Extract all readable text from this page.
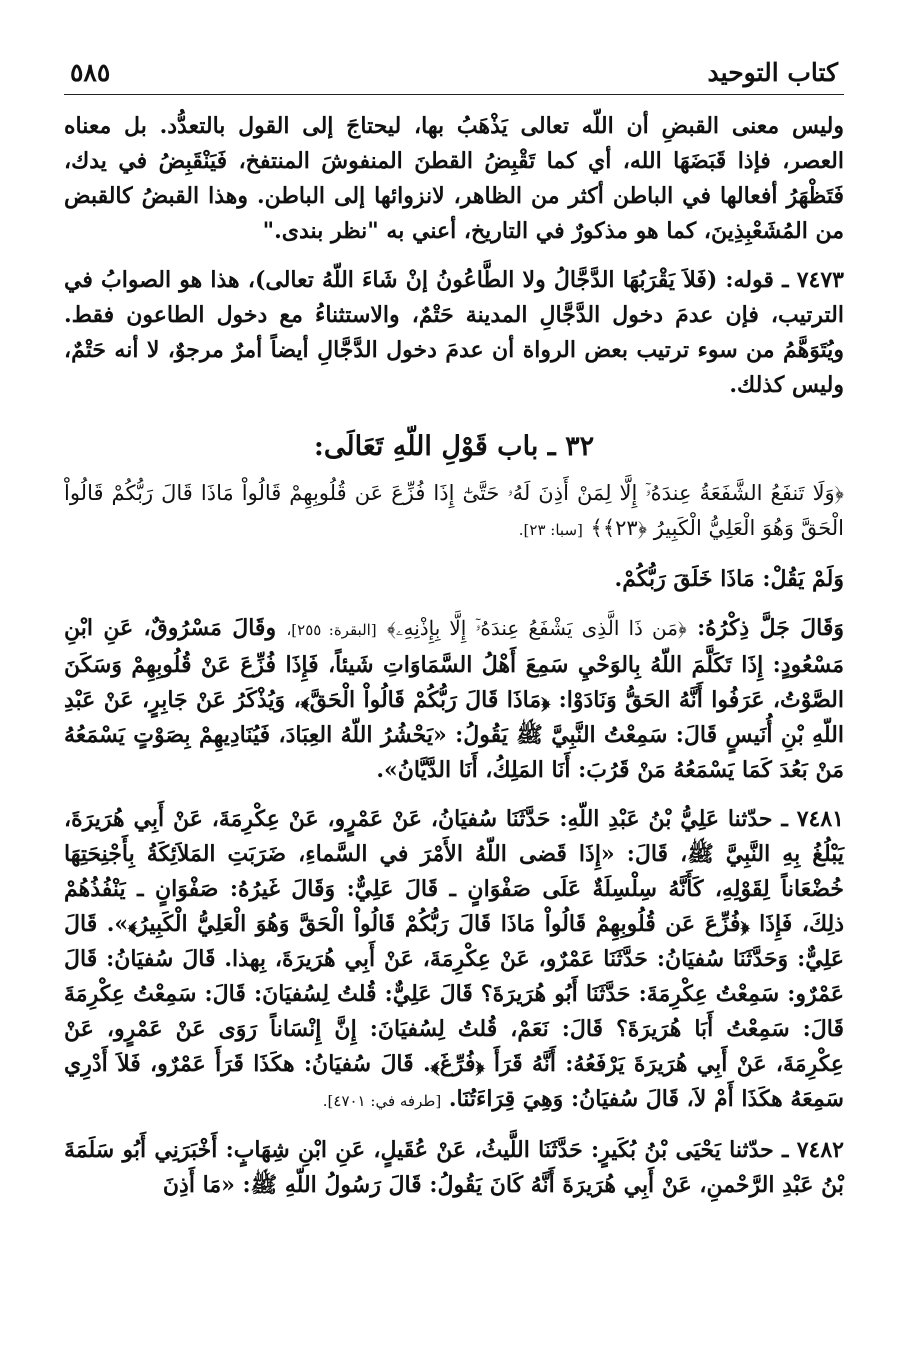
كتاب التوحيد
٥٨٥

وليس معنى القبضِ أن اللّه تعالى يَذْهَبُ بها، ليحتاجَ إلى القول بالتعدُّد. بل معناه العصر، فإذا قَبَضَهَا الله، أي كما تَقْبِضُ القطنَ المنفوشَ المنتفخ، فَيَنْقَبِضُ في يدك، فَتَظْهَرُ أفعالها في الباطن أكثر من الظاهر، لانزوائها إلى الباطن. وهذا القبضُ كالقبض من المُشَعْبِذِينَ، كما هو مذكورٌ في التاريخ، أعني به "نظر بندى."

٧٤٧٣ ـ قوله: (فَلاَ يَقْرَبُهَا الدَّجَّالُ ولا الطَّاعُونُ إنْ شَاءَ اللّهُ تعالى)، هذا هو الصوابُ في الترتيب، فإن عدمَ دخول الدَّجَّالِ المدينة حَتْمٌ، والاستثناءُ مع دخول الطاعون فقط. ويُتَوَهَّمُ من سوء ترتيب بعض الرواة أن عدمَ دخول الدَّجَّالِ أيضاً أمرٌ مرجوٌ، لا أنه حَتْمٌ، وليس كذلك.

٣٢ ـ باب قَوْلِ اللّهِ تَعَالَى:

﴿وَلَا تَنفَعُ الشَّفَعَةُ عِندَهُۥٓ إِلَّا لِمَنْ أَذِنَ لَهُۥ حَتَّىٰٓ إِذَا فُزِّعَ عَن قُلُوبِهِمْ قَالُواْ مَاذَا قَالَ رَبُّكُمْ قَالُواْ الْحَقَّ وَهُوَ الْعَلِيُّ الْكَبِيرُ ﴿٢٣﴾﴾ [سبا: ٢٣].

وَلَمْ يَقُلْ: مَاذَا خَلَقَ رَبُّكُمْ.

وَقَالَ جَلَّ ذِكْرُهُ: ﴿مَن ذَا الَّذِى يَشْفَعُ عِندَهُۥٓ إِلَّا بِإِذْنِهِۦ﴾ [البقرة: ٢٥٥]، وقَالَ مَسْرُوقٌ، عَنِ ابْنِ مَسْعُودٍ: إِذَا تَكَلَّمَ اللّهُ بِالوَحْيِ سَمِعَ أَهْلُ السَّمَاوَاتِ شَيئاً، فَإِذَا فُزِّعَ عَنْ قُلُوبِهِمْ وَسَكَنَ الصَّوْتُ، عَرَفُوا أَنَّهُ الحَقُّ وَنَادَوْا: ﴿مَاذَا قَالَ رَبُّكُمْ قَالُواْ الْحَقَّ﴾، وَيُذْكَرُ عَنْ جَابِرٍ، عَنْ عَبْدِ اللّهِ بْنِ أُنَيسٍ قَالَ: سَمِعْتُ النَّبِيَّ ﷺ يَقُولُ: «يَحْشُرُ اللّهُ العِبَادَ، فَيُنَادِيهِمْ بِصَوْتٍ يَسْمَعُهُ مَنْ بَعُدَ كَمَا يَسْمَعُهُ مَنْ قَرُبَ: أَنَا المَلِكُ، أَنَا الدَّيَّانُ».

٧٤٨١ ـ حدّثنا عَلِيُّ بْنُ عَبْدِ اللّهِ: حَدَّثَنَا سُفيَانُ، عَنْ عَمْرٍو، عَنْ عِكْرِمَةَ، عَنْ أَبِي هُرَيرَةَ، يَبْلُغُ بِهِ النَّبِيَّ ﷺ، قَالَ: «إِذَا قَضى اللّهُ الأَمْرَ في السَّماءِ، ضَرَبَتِ المَلاَئِكَةُ بِأَجْنِحَتِهَا خُضْعَاناً لِقَوْلِهِ، كَأَنَّهُ سِلْسِلَةٌ عَلَى صَفْوَانٍ ـ قَالَ عَلِيٌّ: وَقَالَ غَيرُهُ: صَفْوَانٍ ـ يَنْفُذُهُمْ ذلِكَ، فَإِذَا ﴿فُزِّعَ عَن قُلُوبِهِمْ قَالُواْ مَاذَا قَالَ رَبُّكُمْ قَالُواْ الْحَقَّ وَهُوَ الْعَلِيُّ الْكَبِيرُ﴾». قَالَ عَلِيٌّ: وَحَدَّثَنَا سُفيَانُ: حَدَّثَنَا عَمْرٌو، عَنْ عِكْرِمَةَ، عَنْ أَبِي هُرَيرَةَ، بِهذا. قَالَ سُفيَانُ: قَالَ عَمْرٌو: سَمِعْتُ عِكْرِمَةَ: حَدَّثَنَا أَبُو هُرَيرَةَ؟ قَالَ عَلِيٌّ: قُلتُ لِسُفيَانَ: قَالَ: سَمِعْتُ عِكْرِمَةَ قَالَ: سَمِعْتُ أَبَا هُرَيرَةَ؟ قَالَ: نَعَمْ، قُلتُ لِسُفيَانَ: إِنَّ إِنْسَاناً رَوَى عَنْ عَمْرٍو، عَنْ عِكْرِمَةَ، عَنْ أَبِي هُرَيرَةَ يَرْفَعُهُ: أَنَّهُ قَرَأَ ﴿فُرِّغَ﴾. قَالَ سُفيَانُ: هكَذَا قَرَأَ عَمْرٌو، فَلاَ أَدْرِي سَمِعَهُ هكَذَا أَمْ لاَ، قَالَ سُفيَانُ: وَهِيَ قِرَاءَتُنَا. [طرفه في: ٤٧٠١].

٧٤٨٢ ـ حدّثنا يَحْيَى بْنُ بُكَيرٍ: حَدَّثَنَا اللَّيثُ، عَنْ عُقَيلٍ، عَنِ ابْنِ شِهَابٍ: أَخْبَرَنِي أَبُو سَلَمَةَ بْنُ عَبْدِ الرَّحْمنِ، عَنْ أَبِي هُرَيرَةَ أَنَّهُ كَانَ يَقُولُ: قَالَ رَسُولُ اللّهِ ﷺ: «مَا أَذِنَ
